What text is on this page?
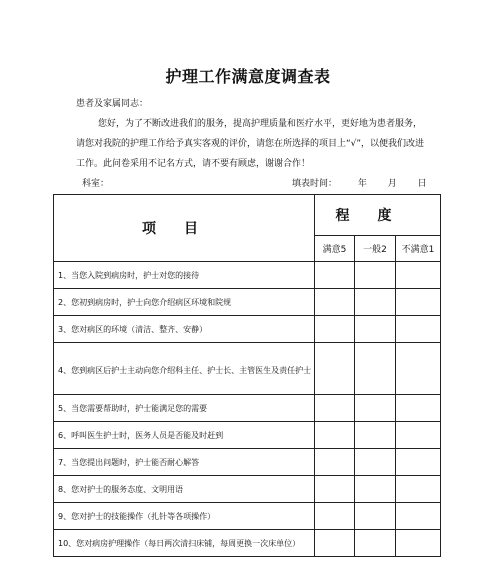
护理工作满意度调查表
患者及家属同志：
您好，为了不断改进我们的服务，提高护理质量和医疗水平，更好地为患者服务，请您对我院的护理工作给予真实客观的评价，请您在所选择的项目上“√”，以便我们改进工作。此问卷采用不记名方式，请不要有顾虑，谢谢合作！
科室：	填表时间： 年 月 日
项目	程度		
	满意5	一般2	不满意1
1、当您入院到病房时，护士对您的接待			
2、您初到病房时，护士向您介绍病区环境和院规			
3、您对病区的环境（清洁、整齐、安静）			
4、您到病区后护士主动向您介绍科主任、护士长、主管医生及责任护士			
5、当您需要帮助时，护士能满足您的需要			
6、呼叫医生护士时，医务人员是否能及时赶到			
7、当您提出问题时，护士能否耐心解答			
8、您对护士的服务态度、文明用语			
9、您对护士的技能操作（扎针等各项操作）			
10、您对病房护理操作（每日两次清扫床铺，每周更换一次床单位）			
